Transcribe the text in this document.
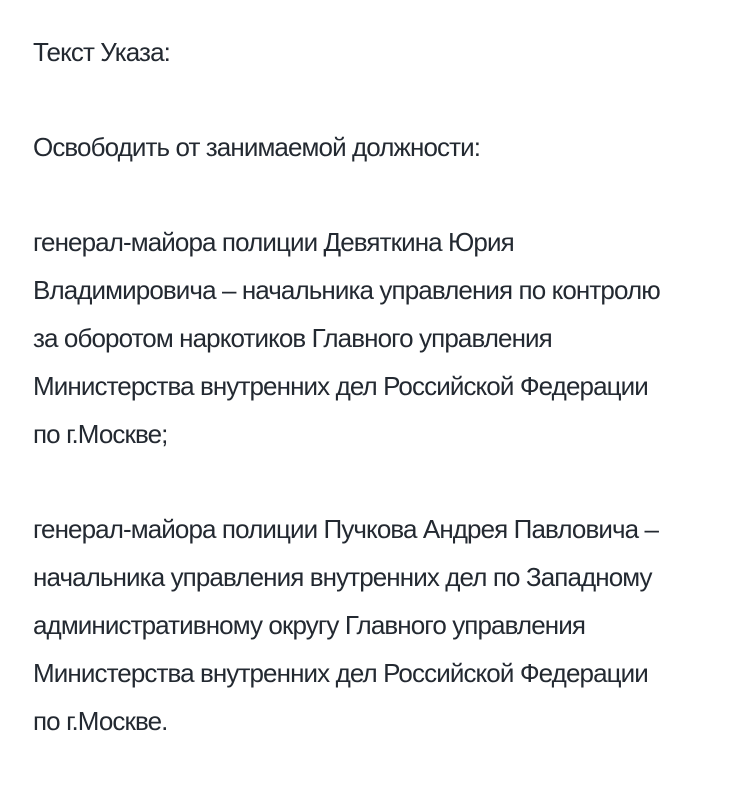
Текст Указа:

Освободить от занимаемой должности:

генерал-майора полиции Девяткина Юрия
Владимировича – начальника управления по контролю
за оборотом наркотиков Главного управления
Министерства внутренних дел Российской Федерации
по г.Москве;

генерал-майора полиции Пучкова Андрея Павловича –
начальника управления внутренних дел по Западному
административному округу Главного управления
Министерства внутренних дел Российской Федерации
по г.Москве.
